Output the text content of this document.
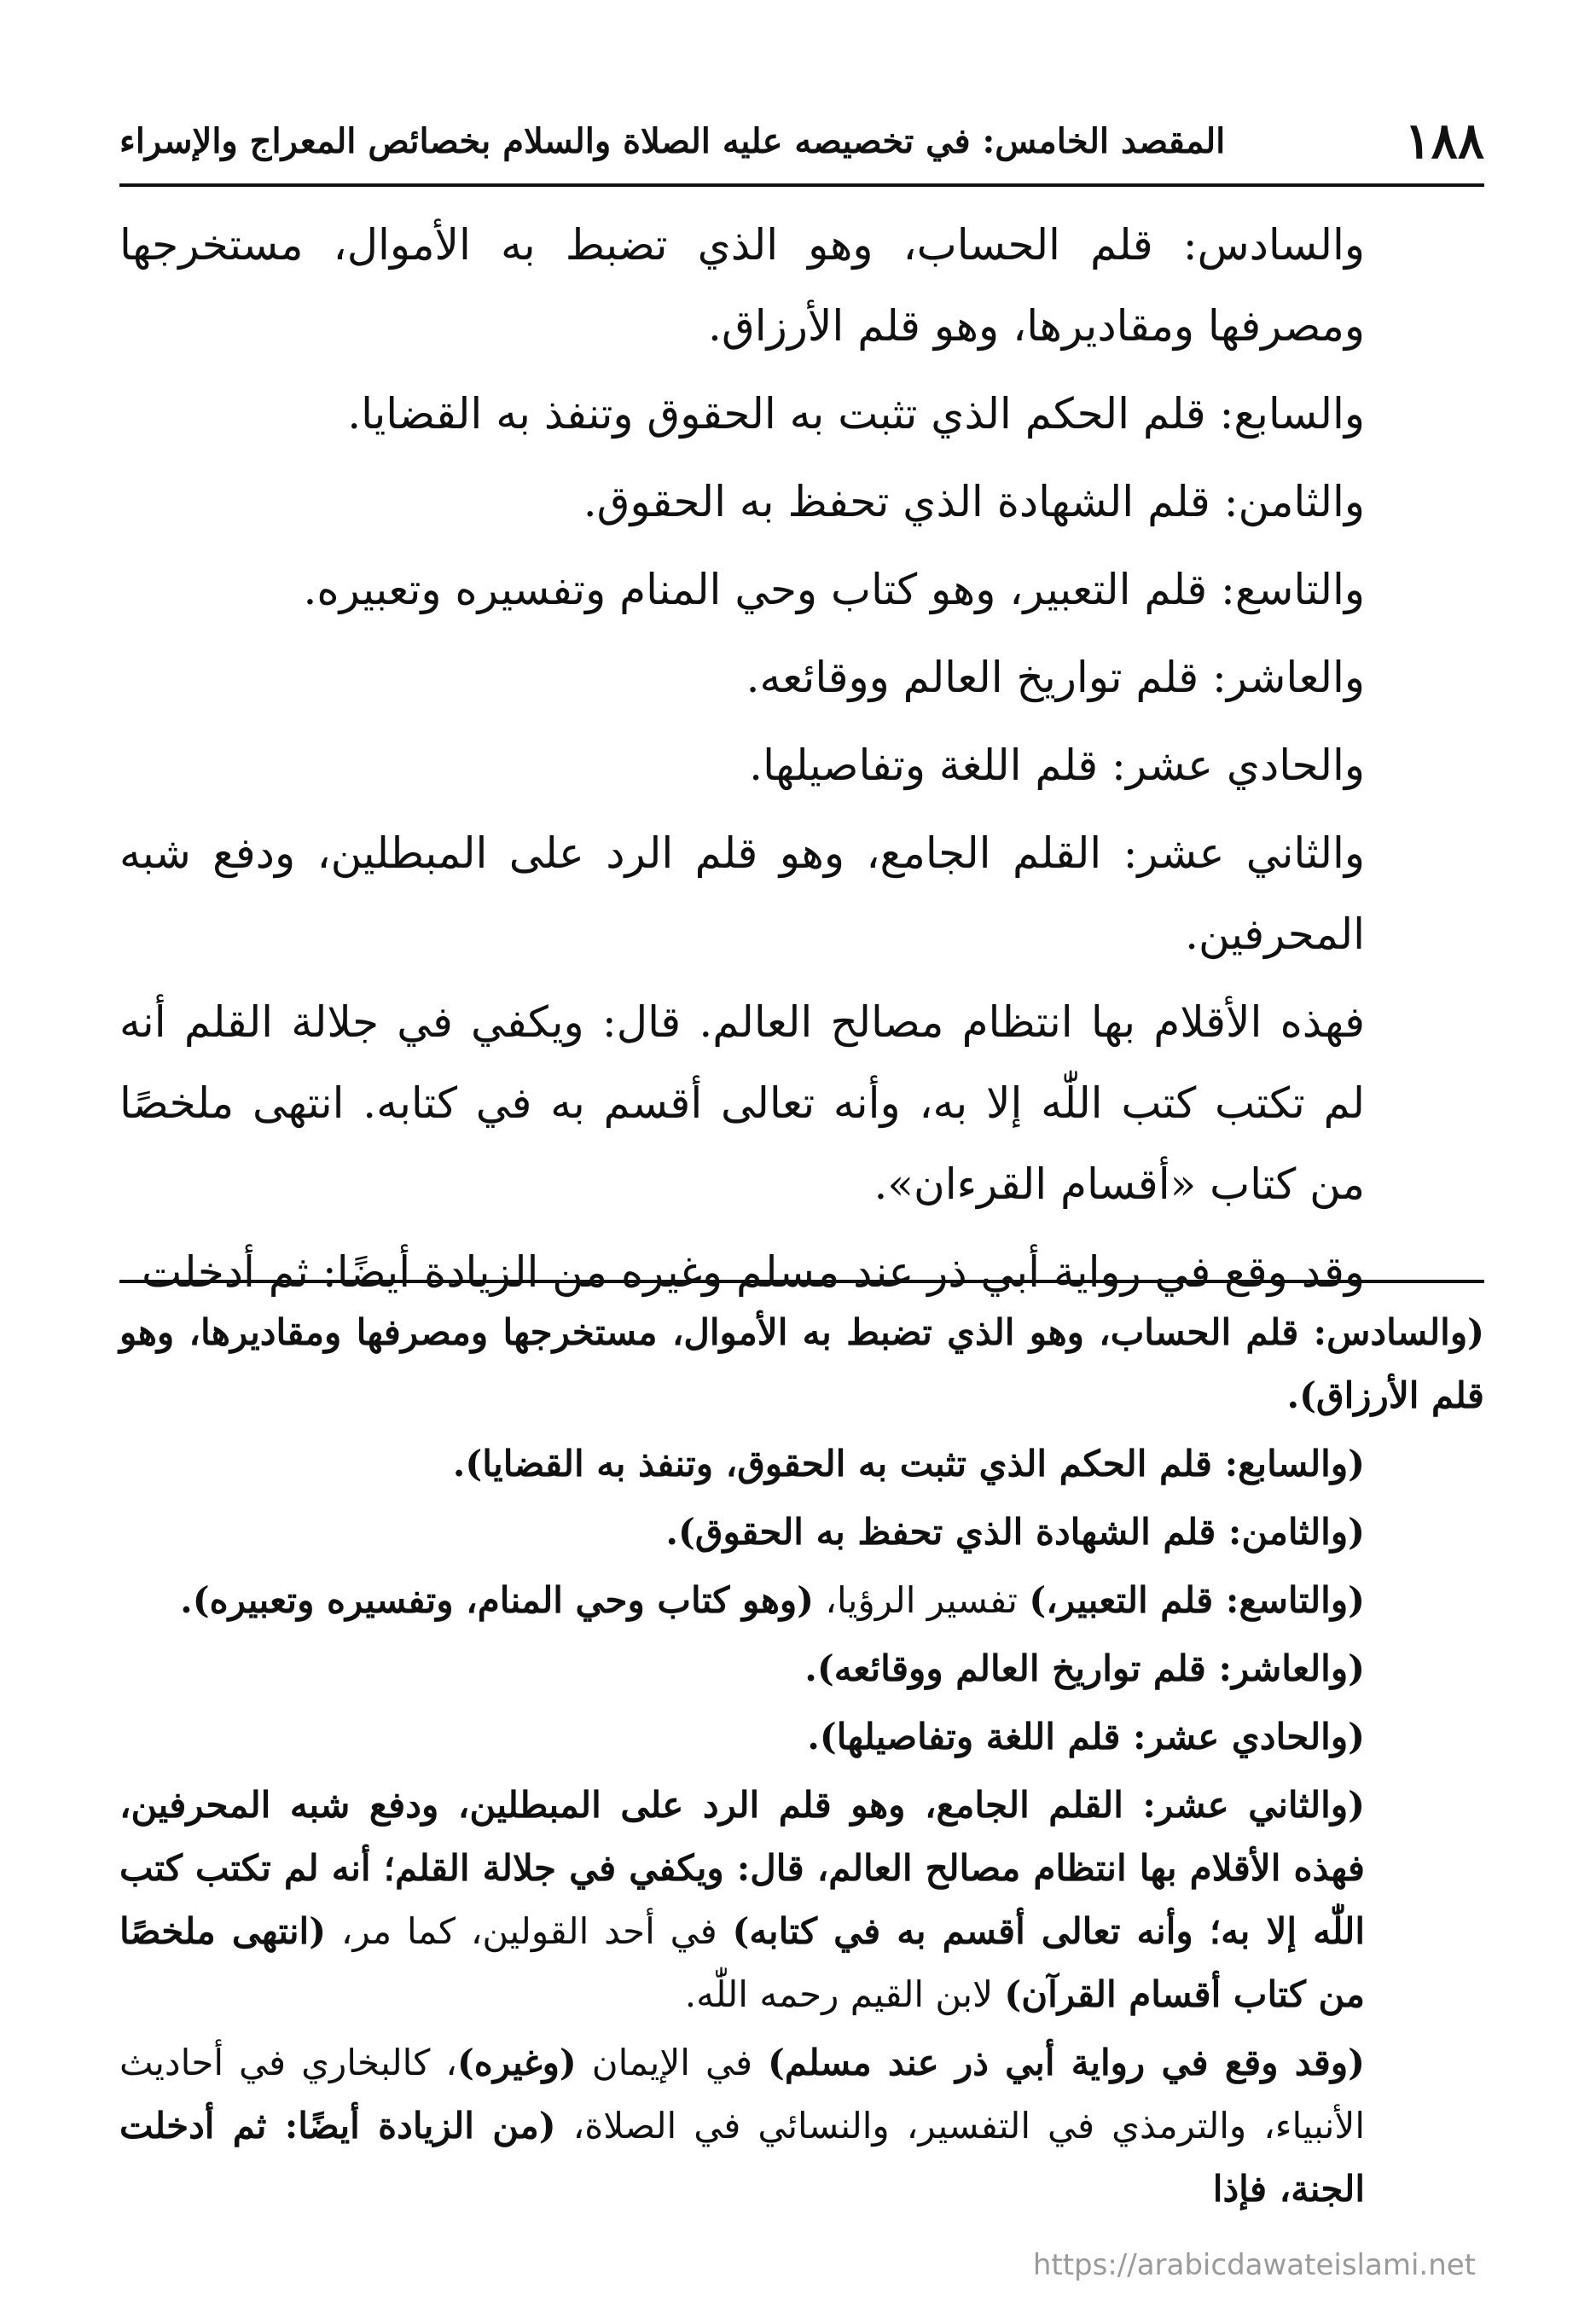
١٨٨
المقصد الخامس: في تخصيصه عليه الصلاة والسلام بخصائص المعراج والإسراء

والسادس: قلم الحساب، وهو الذي تضبط به الأموال، مستخرجها ومصرفها ومقاديرها، وهو قلم الأرزاق.

والسابع: قلم الحكم الذي تثبت به الحقوق وتنفذ به القضايا.

والثامن: قلم الشهادة الذي تحفظ به الحقوق.

والتاسع: قلم التعبير، وهو كتاب وحي المنام وتفسيره وتعبيره.

والعاشر: قلم تواريخ العالم ووقائعه.

والحادي عشر: قلم اللغة وتفاصيلها.

والثاني عشر: القلم الجامع، وهو قلم الرد على المبطلين، ودفع شبه المحرفين.

فهذه الأقلام بها انتظام مصالح العالم. قال: ويكفي في جلالة القلم أنه لم تكتب كتب اللّٰه إلا به، وأنه تعالى أقسم به في كتابه. انتهى ملخصًا من كتاب «أقسام القرءان».

وقد وقع في رواية أبي ذر عند مسلم وغيره من الزيادة أيضًا: ثم أدخلت

(والسادس: قلم الحساب، وهو الذي تضبط به الأموال، مستخرجها ومصرفها ومقاديرها، وهو قلم الأرزاق).

(والسابع: قلم الحكم الذي تثبت به الحقوق، وتنفذ به القضايا).

(والثامن: قلم الشهادة الذي تحفظ به الحقوق).

(والتاسع: قلم التعبير،) تفسير الرؤيا، (وهو كتاب وحي المنام، وتفسيره وتعبيره).

(والعاشر: قلم تواريخ العالم ووقائعه).

(والحادي عشر: قلم اللغة وتفاصيلها).

(والثاني عشر: القلم الجامع، وهو قلم الرد على المبطلين، ودفع شبه المحرفين، فهذه الأقلام بها انتظام مصالح العالم، قال: ويكفي في جلالة القلم؛ أنه لم تكتب كتب اللّٰه إلا به؛ وأنه تعالى أقسم به في كتابه) في أحد القولين، كما مر، (انتهى ملخصًا من كتاب أقسام القرآن) لابن القيم رحمه اللّٰه.

(وقد وقع في رواية أبي ذر عند مسلم) في الإيمان (وغيره)، كالبخاري في أحاديث الأنبياء، والترمذي في التفسير، والنسائي في الصلاة، (من الزيادة أيضًا: ثم أدخلت الجنة، فإذا

https://arabicdawateislami.net
